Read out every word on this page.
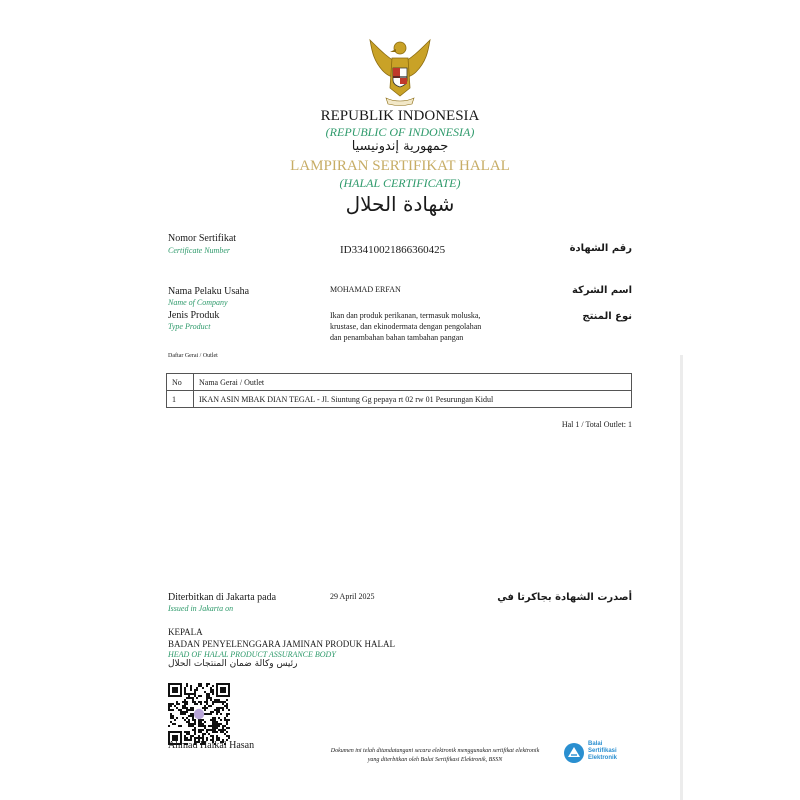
REPUBLIK INDONESIA
(REPUBLIC OF INDONESIA)
جمهورية إندونيسيا
LAMPIRAN SERTIFIKAT HALAL
(HALAL CERTIFICATE)
شهادة الحلال
Nomor Sertifikat
Certificate Number	ID33410021866360425	رقم الشهادة
Nama Pelaku Usaha
Name of Company
MOHAMAD ERFAN	اسم الشركة
Jenis Produk
Type Product
Ikan dan produk perikanan, termasuk moluska,
krustase, dan ekinodermata dengan pengolahan
dan penambahan bahan tambahan pangan
نوع المنتج
Daftar Gerai / Outlet
No	Nama Gerai / Outlet
1	IKAN ASIN MBAK DIAN TEGAL - Jl. Siuntung Gg pepaya rt 02 rw 01 Pesurungan Kidul
Hal 1 / Total Outlet: 1
Diterbitkan di Jakarta pada
Issued in Jakarta on
29 April 2025	أصدرت الشهادة بجاكرتا في
KEPALA
BADAN PENYELENGGARA JAMINAN PRODUK HALAL
HEAD OF HALAL PRODUCT ASSURANCE BODY
رئيس وكالة ضمان المنتجات الحلال
Ahmad Haikal Hasan	Dokumen ini telah ditandatangani secara elektronik menggunakan sertifikat elektronik
yang diterbitkan oleh Balai Sertifikasi Elektronik, BSSN
Balai
Sertifikasi
Elektronik
